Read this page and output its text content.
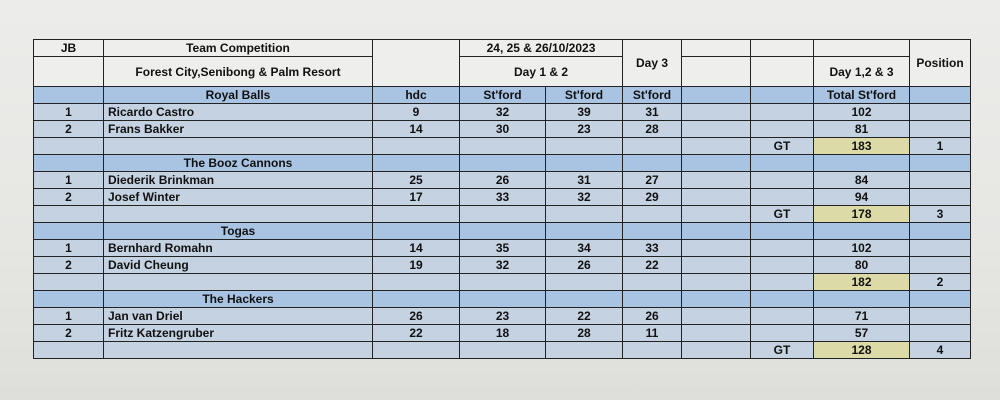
JB	Team Competition		24, 25 & 26/10/2023		Day 3				Position
	Forest City,Senibong & Palm Resort		Day 1 & 2					Day 1,2 & 3	
	Royal Balls	hdc	St'ford	St'ford	St'ford			Total St'ford	
1	Ricardo Castro	9	32	39	31			102	
2	Frans Bakker	14	30	23	28			81	
							GT	183	1
	The Booz Cannons								
1	Diederik Brinkman	25	26	31	27			84	
2	Josef Winter	17	33	32	29			94	
							GT	178	3
	Togas								
1	Bernhard Romahn	14	35	34	33			102	
2	David Cheung	19	32	26	22			80	
								182	2
	The Hackers								
1	Jan van Driel	26	23	22	26			71	
2	Fritz Katzengruber	22	18	28	11			57	
							GT	128	4
